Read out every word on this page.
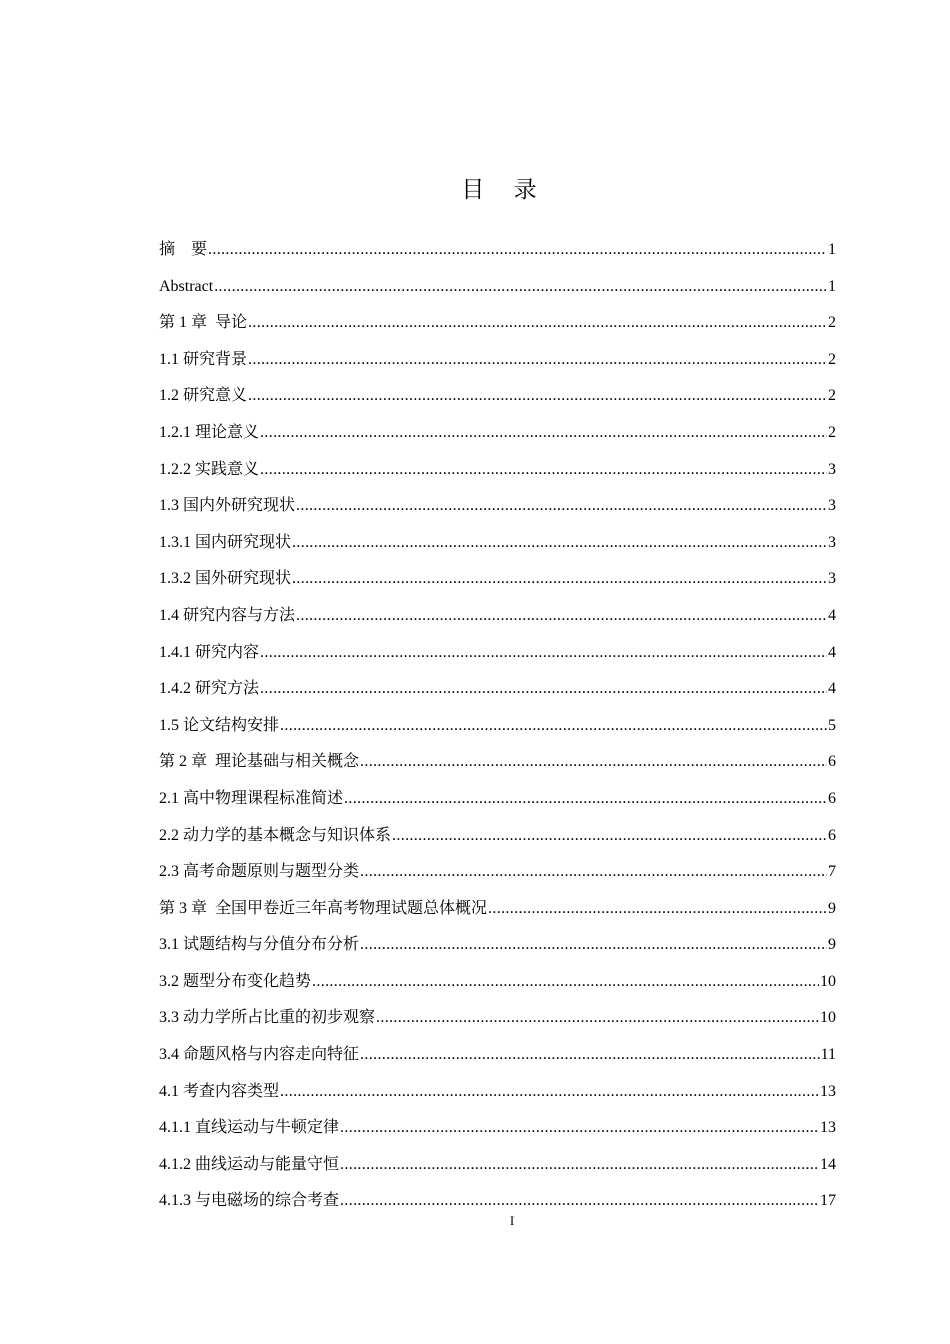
目    录
摘    要 .....	1
Abstract .....	1
第 1 章  导论 .....	2
1.1 研究背景 .....	2
1.2 研究意义 .....	2
1.2.1 理论意义 .....	2
1.2.2 实践意义 .....	3
1.3 国内外研究现状 .....	3
1.3.1 国内研究现状 .....	3
1.3.2 国外研究现状 .....	3
1.4 研究内容与方法 .....	4
1.4.1 研究内容 .....	4
1.4.2 研究方法 .....	4
1.5 论文结构安排 .....	5
第 2 章  理论基础与相关概念 .....	6
2.1 高中物理课程标准简述 .....	6
2.2 动力学的基本概念与知识体系 .....	6
2.3 高考命题原则与题型分类 .....	7
第 3 章  全国甲卷近三年高考物理试题总体概况 .....	9
3.1 试题结构与分值分布分析 .....	9
3.2 题型分布变化趋势 .....	10
3.3 动力学所占比重的初步观察 .....	10
3.4 命题风格与内容走向特征 .....	11
4.1 考查内容类型 .....	13
4.1.1 直线运动与牛顿定律 .....	13
4.1.2 曲线运动与能量守恒 .....	14
4.1.3 与电磁场的综合考查 .....	17
I
